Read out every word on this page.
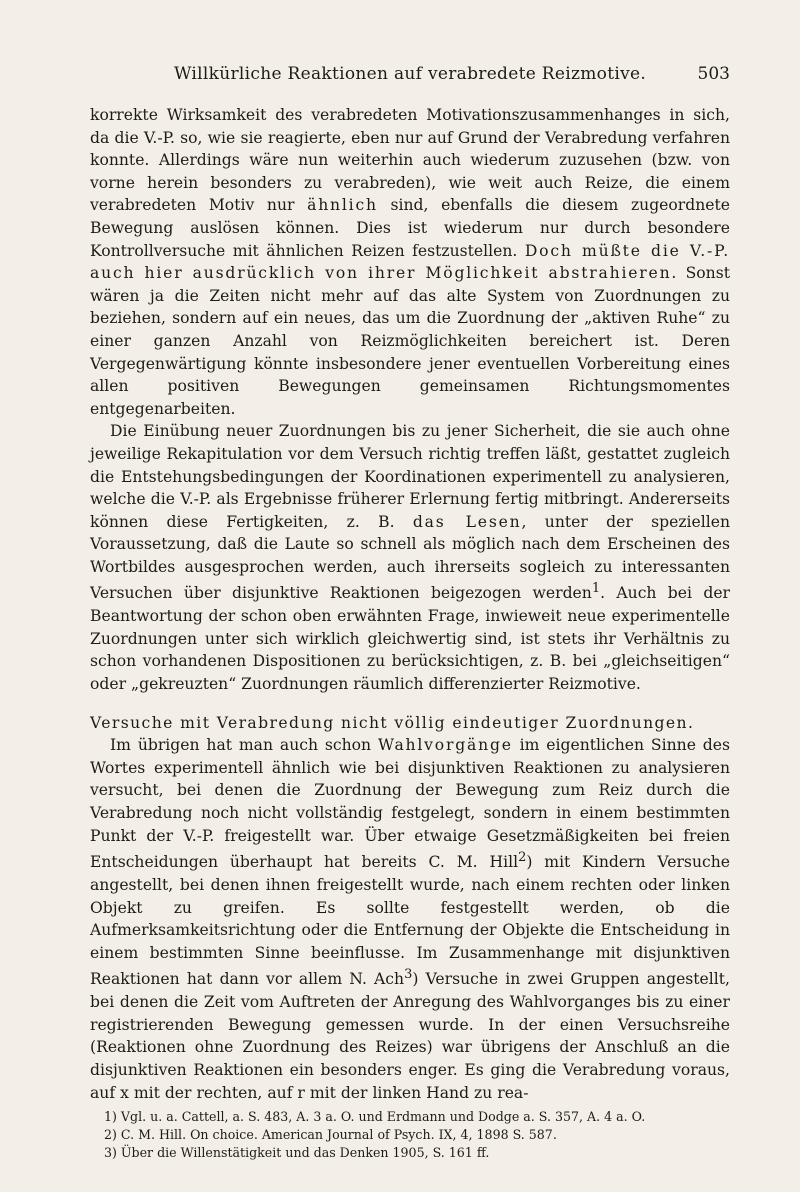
Willkürliche Reaktionen auf verabredete Reizmotive.	503

korrekte Wirksamkeit des verabredeten Motivationszusammenhanges in sich, da die V.-P. so, wie sie reagierte, eben nur auf Grund der Verabredung verfahren konnte. Allerdings wäre nun weiterhin auch wiederum zuzusehen (bzw. von vorne herein besonders zu verabreden), wie weit auch Reize, die einem verabredeten Motiv nur ähnlich sind, ebenfalls die diesem zugeordnete Bewegung auslösen können. Dies ist wiederum nur durch besondere Kontrollversuche mit ähnlichen Reizen festzustellen. Doch müßte die V.-P. auch hier ausdrücklich von ihrer Möglichkeit abstrahieren. Sonst wären ja die Zeiten nicht mehr auf das alte System von Zuordnungen zu beziehen, sondern auf ein neues, das um die Zuordnung der „aktiven Ruhe“ zu einer ganzen Anzahl von Reizmöglichkeiten bereichert ist. Deren Vergegenwärtigung könnte insbesondere jener eventuellen Vorbereitung eines allen positiven Bewegungen gemeinsamen Richtungsmomentes entgegenarbeiten.

Die Einübung neuer Zuordnungen bis zu jener Sicherheit, die sie auch ohne jeweilige Rekapitulation vor dem Versuch richtig treffen läßt, gestattet zugleich die Entstehungsbedingungen der Koordinationen experimentell zu analysieren, welche die V.-P. als Ergebnisse früherer Erlernung fertig mitbringt. Andererseits können diese Fertigkeiten, z. B. das Lesen, unter der speziellen Voraussetzung, daß die Laute so schnell als möglich nach dem Erscheinen des Wortbildes ausgesprochen werden, auch ihrerseits sogleich zu interessanten Versuchen über disjunktive Reaktionen beigezogen werden$^1$. Auch bei der Beantwortung der schon oben erwähnten Frage, inwieweit neue experimentelle Zuordnungen unter sich wirklich gleichwertig sind, ist stets ihr Verhältnis zu schon vorhandenen Dispositionen zu berücksichtigen, z. B. bei „gleichseitigen“ oder „gekreuzten“ Zuordnungen räumlich differenzierter Reizmotive.

Versuche mit Verabredung nicht völlig eindeutiger Zuordnungen.

Im übrigen hat man auch schon Wahlvorgänge im eigentlichen Sinne des Wortes experimentell ähnlich wie bei disjunktiven Reaktionen zu analysieren versucht, bei denen die Zuordnung der Bewegung zum Reiz durch die Verabredung noch nicht vollständig festgelegt, sondern in einem bestimmten Punkt der V.-P. freigestellt war. Über etwaige Gesetzmäßigkeiten bei freien Entscheidungen überhaupt hat bereits C. M. Hill$^2$) mit Kindern Versuche angestellt, bei denen ihnen freigestellt wurde, nach einem rechten oder linken Objekt zu greifen. Es sollte festgestellt werden, ob die Aufmerksamkeitsrichtung oder die Entfernung der Objekte die Entscheidung in einem bestimmten Sinne beeinflusse. Im Zusammenhange mit disjunktiven Reaktionen hat dann vor allem N. Ach$^3$) Versuche in zwei Gruppen angestellt, bei denen die Zeit vom Auftreten der Anregung des Wahlvorganges bis zu einer registrierenden Bewegung gemessen wurde. In der einen Versuchsreihe (Reaktionen ohne Zuordnung des Reizes) war übrigens der Anschluß an die disjunktiven Reaktionen ein besonders enger. Es ging die Verabredung voraus, auf x mit der rechten, auf r mit der linken Hand zu rea-

1) Vgl. u. a. Cattell, a. S. 483, A. 3 a. O. und Erdmann und Dodge a. S. 357, A. 4 a. O.
2) C. M. Hill. On choice. American Journal of Psych. IX, 4, 1898 S. 587.
3) Über die Willenstätigkeit und das Denken 1905, S. 161 ff.
